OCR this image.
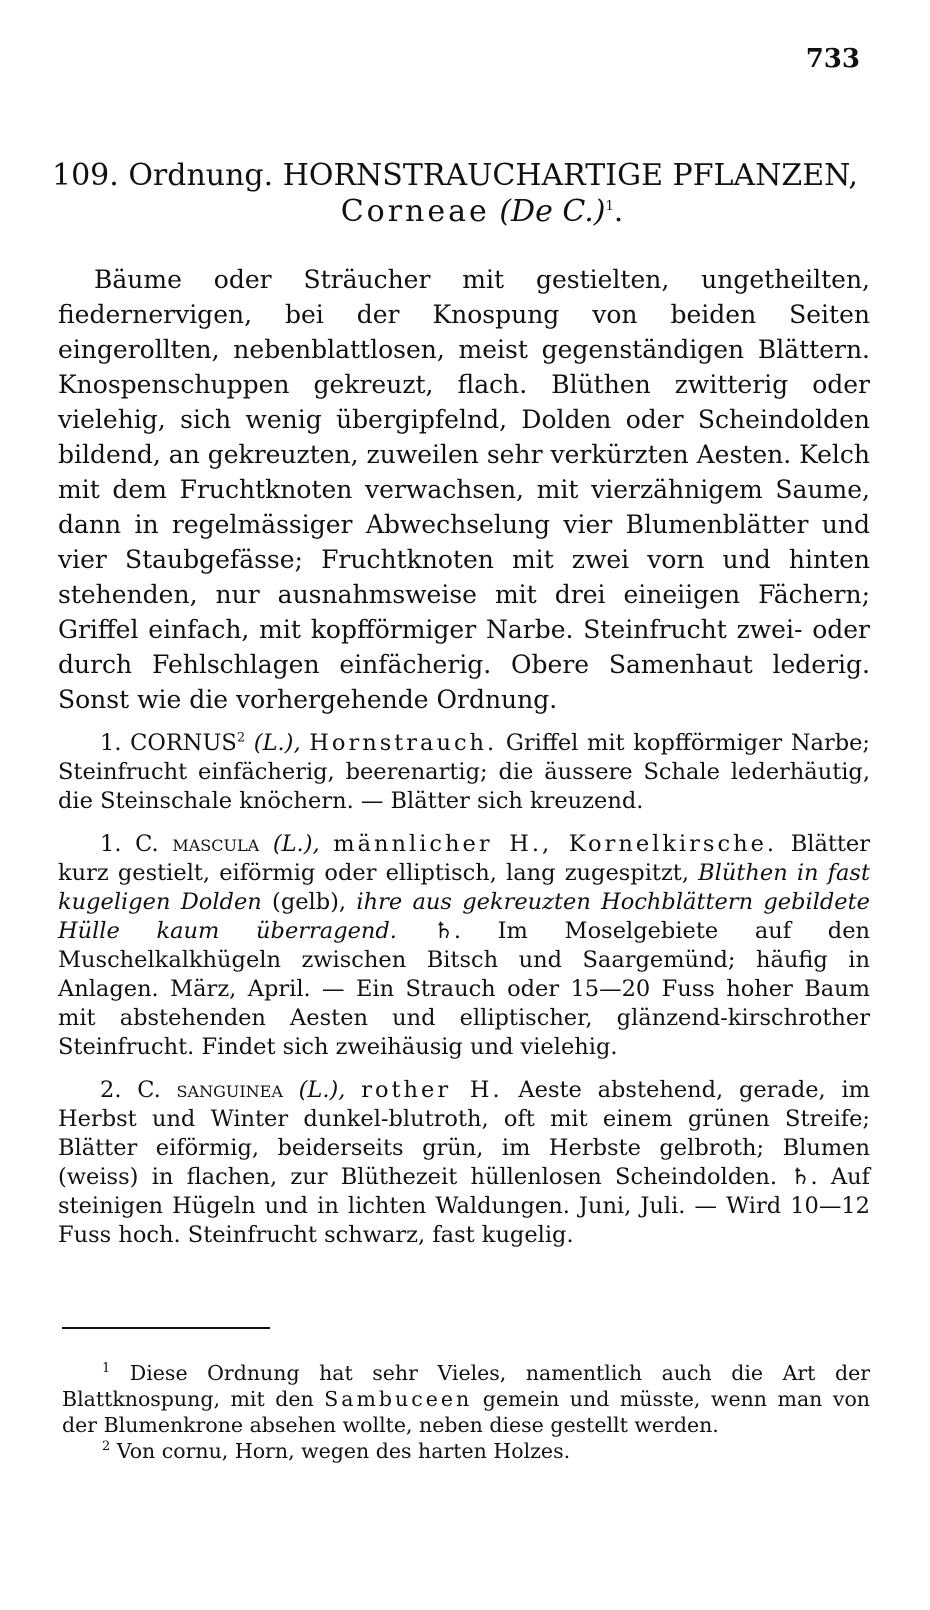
733
109. Ordnung. HORNSTRAUCHARTIGE PFLANZEN,
Corneae (De C.)$^1$.

Bäume oder Sträucher mit gestielten, ungetheilten, fiedernervigen, bei der Knospung von beiden Seiten eingerollten, nebenblattlosen, meist gegenständigen Blättern. Knospenschuppen gekreuzt, flach. Blüthen zwitterig oder vielehig, sich wenig übergipfelnd, Dolden oder Scheindolden bildend, an gekreuzten, zuweilen sehr verkürzten Aesten. Kelch mit dem Fruchtknoten verwachsen, mit vierzähnigem Saume, dann in regelmässiger Abwechselung vier Blumenblätter und vier Staubgefässe; Fruchtknoten mit zwei vorn und hinten stehenden, nur ausnahmsweise mit drei eineiigen Fächern; Griffel einfach, mit kopfförmiger Narbe. Steinfrucht zwei- oder durch Fehlschlagen einfächerig. Obere Samenhaut lederig. Sonst wie die vorhergehende Ordnung.

1. CORNUS$^2$ (L.), Hornstrauch. Griffel mit kopfförmiger Narbe; Steinfrucht einfächerig, beerenartig; die äussere Schale lederhäutig, die Steinschale knöchern. — Blätter sich kreuzend.

1. C. mascula (L.), männlicher H., Kornelkirsche. Blätter kurz gestielt, eiförmig oder elliptisch, lang zugespitzt, Blüthen in fast kugeligen Dolden (gelb), ihre aus gekreuzten Hochblättern gebildete Hülle kaum überragend. ♄. Im Moselgebiete auf den Muschelkalkhügeln zwischen Bitsch und Saargemünd; häufig in Anlagen. März, April. — Ein Strauch oder 15—20 Fuss hoher Baum mit abstehenden Aesten und elliptischer, glänzend-kirschrother Steinfrucht. Findet sich zweihäusig und vielehig.

2. C. sanguinea (L.), rother H. Aeste abstehend, gerade, im Herbst und Winter dunkel-blutroth, oft mit einem grünen Streife; Blätter eiförmig, beiderseits grün, im Herbste gelbroth; Blumen (weiss) in flachen, zur Blüthezeit hüllenlosen Scheindolden. ♄. Auf steinigen Hügeln und in lichten Waldungen. Juni, Juli. — Wird 10—12 Fuss hoch. Steinfrucht schwarz, fast kugelig.

$^1$ Diese Ordnung hat sehr Vieles, namentlich auch die Art der Blattknospung, mit den Sambuceen gemein und müsste, wenn man von der Blumenkrone absehen wollte, neben diese gestellt werden.

$^2$ Von cornu, Horn, wegen des harten Holzes.
